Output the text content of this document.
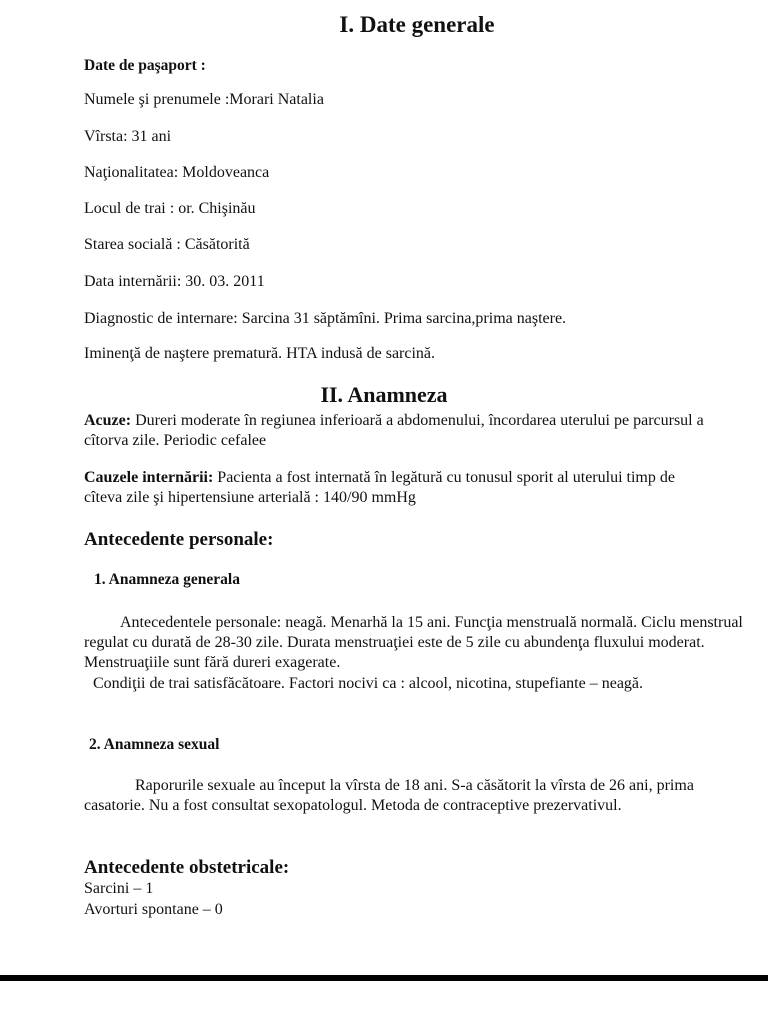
I. Date generale
Date de paşaport :
Numele şi prenumele :Morari Natalia
Vîrsta: 31 ani
Naţionalitatea: Moldoveanca
Locul de trai : or. Chişinău
Starea socială : Căsătorită
Data internării: 30. 03. 2011
Diagnostic de internare: Sarcina 31 săptămîni. Prima sarcina,prima naştere.
Iminenţă de naştere prematură. HTA indusă de sarcină.
II. Anamneza
Acuze: Dureri moderate în regiunea inferioară a abdomenului, încordarea uterului pe parcursul a cîtorva zile. Periodic cefalee
Cauzele internării: Pacienta a fost internată în legătură cu tonusul sporit al uterului timp de cîteva zile şi hipertensiune arterială : 140/90 mmHg
Antecedente personale:
1. Anamneza generala
Antecedentele personale: neagă. Menarhă la 15 ani. Funcţia menstruală normală. Ciclu menstrual regulat cu durată de 28-30 zile. Durata menstruaţiei este de 5 zile cu abundenţa fluxului moderat. Menstruaţiile sunt fără dureri exagerate.
Condiţii de trai satisfăcătoare. Factori nocivi ca : alcool, nicotina, stupefiante – neagă.
2. Anamneza sexual
Raporurile sexuale au început la vîrsta de 18 ani. S-a căsătorit la vîrsta de 26 ani, prima casatorie. Nu a fost consultat sexopatologul. Metoda de contraceptive prezervativul.
Antecedente obstetricale:
Sarcini – 1
Avorturi spontane – 0
